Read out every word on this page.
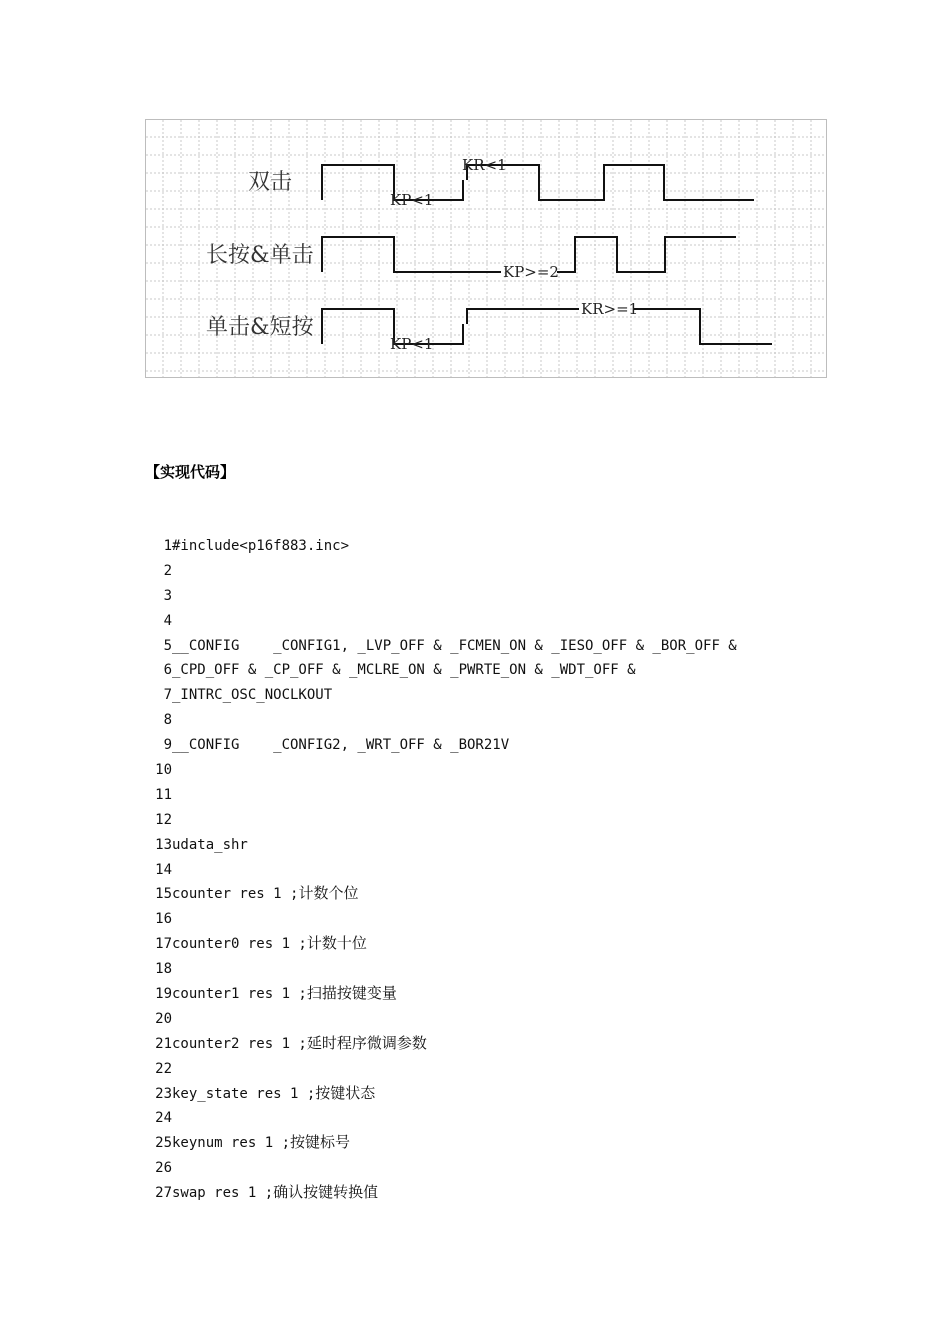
双击
长按&单击
单击&短按
KP<1
KR<1
KP>=2
KP<1
KR>=1
【实现代码】
1#include<p16f883.inc>
2
3
4
5__CONFIG    _CONFIG1, _LVP_OFF & _FCMEN_ON & _IESO_OFF & _BOR_OFF &
6_CPD_OFF & _CP_OFF & _MCLRE_ON & _PWRTE_ON & _WDT_OFF &
7_INTRC_OSC_NOCLKOUT
8
9__CONFIG    _CONFIG2, _WRT_OFF & _BOR21V
10
11
12
13udata_shr
14
15counter res 1 ;计数个位
16
17counter0 res 1 ;计数十位
18
19counter1 res 1 ;扫描按键变量
20
21counter2 res 1 ;延时程序微调参数
22
23key_state res 1 ;按键状态
24
25keynum res 1 ;按键标号
26
27swap res 1 ;确认按键转换值
